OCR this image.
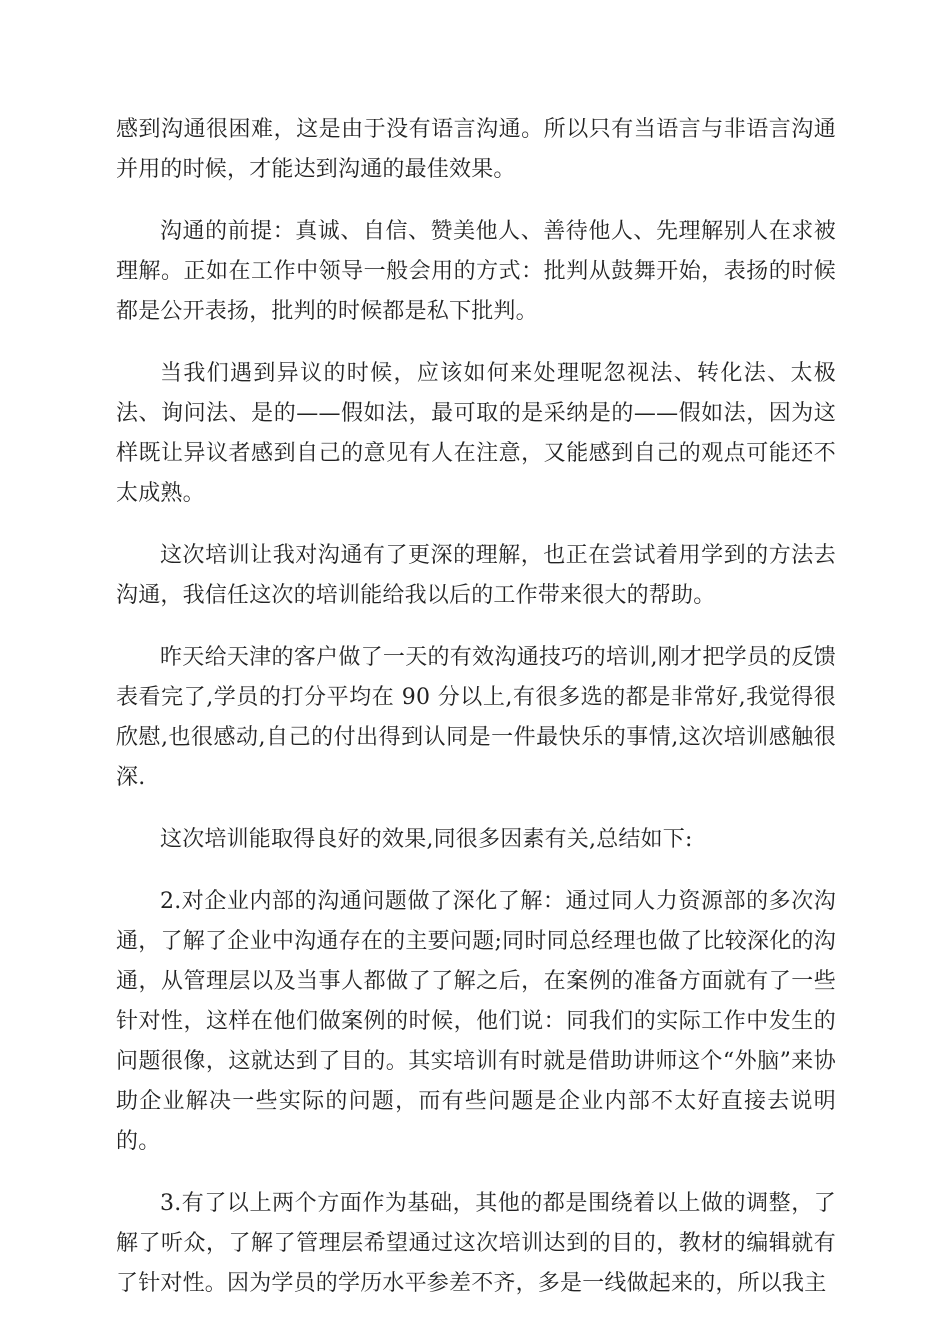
感到沟通很困难，这是由于没有语言沟通。所以只有当语言与非语言沟通并用的时候，才能达到沟通的最佳效果。

沟通的前提：真诚、自信、赞美他人、善待他人、先理解别人在求被理解。正如在工作中领导一般会用的方式：批判从鼓舞开始，表扬的时候都是公开表扬，批判的时候都是私下批判。

当我们遇到异议的时候，应该如何来处理呢忽视法、转化法、太极法、询问法、是的——假如法，最可取的是采纳是的——假如法，因为这样既让异议者感到自己的意见有人在注意，又能感到自己的观点可能还不太成熟。

这次培训让我对沟通有了更深的理解，也正在尝试着用学到的方法去沟通，我信任这次的培训能给我以后的工作带来很大的帮助。

昨天给天津的客户做了一天的有效沟通技巧的培训,刚才把学员的反馈表看完了,学员的打分平均在 90 分以上,有很多选的都是非常好,我觉得很欣慰,也很感动,自己的付出得到认同是一件最快乐的事情,这次培训感触很深.

这次培训能取得良好的效果,同很多因素有关,总结如下:

2.对企业内部的沟通问题做了深化了解：通过同人力资源部的多次沟通，了解了企业中沟通存在的主要问题;同时同总经理也做了比较深化的沟通，从管理层以及当事人都做了了解之后，在案例的准备方面就有了一些针对性，这样在他们做案例的时候，他们说：同我们的实际工作中发生的问题很像，这就达到了目的。其实培训有时就是借助讲师这个“外脑”来协助企业解决一些实际的问题，而有些问题是企业内部不太好直接去说明的。

3.有了以上两个方面作为基础，其他的都是围绕着以上做的调整，了解了听众，了解了管理层希望通过这次培训达到的目的，教材的编辑就有了针对性。因为学员的学历水平参差不齐，多是一线做起来的，所以我主
